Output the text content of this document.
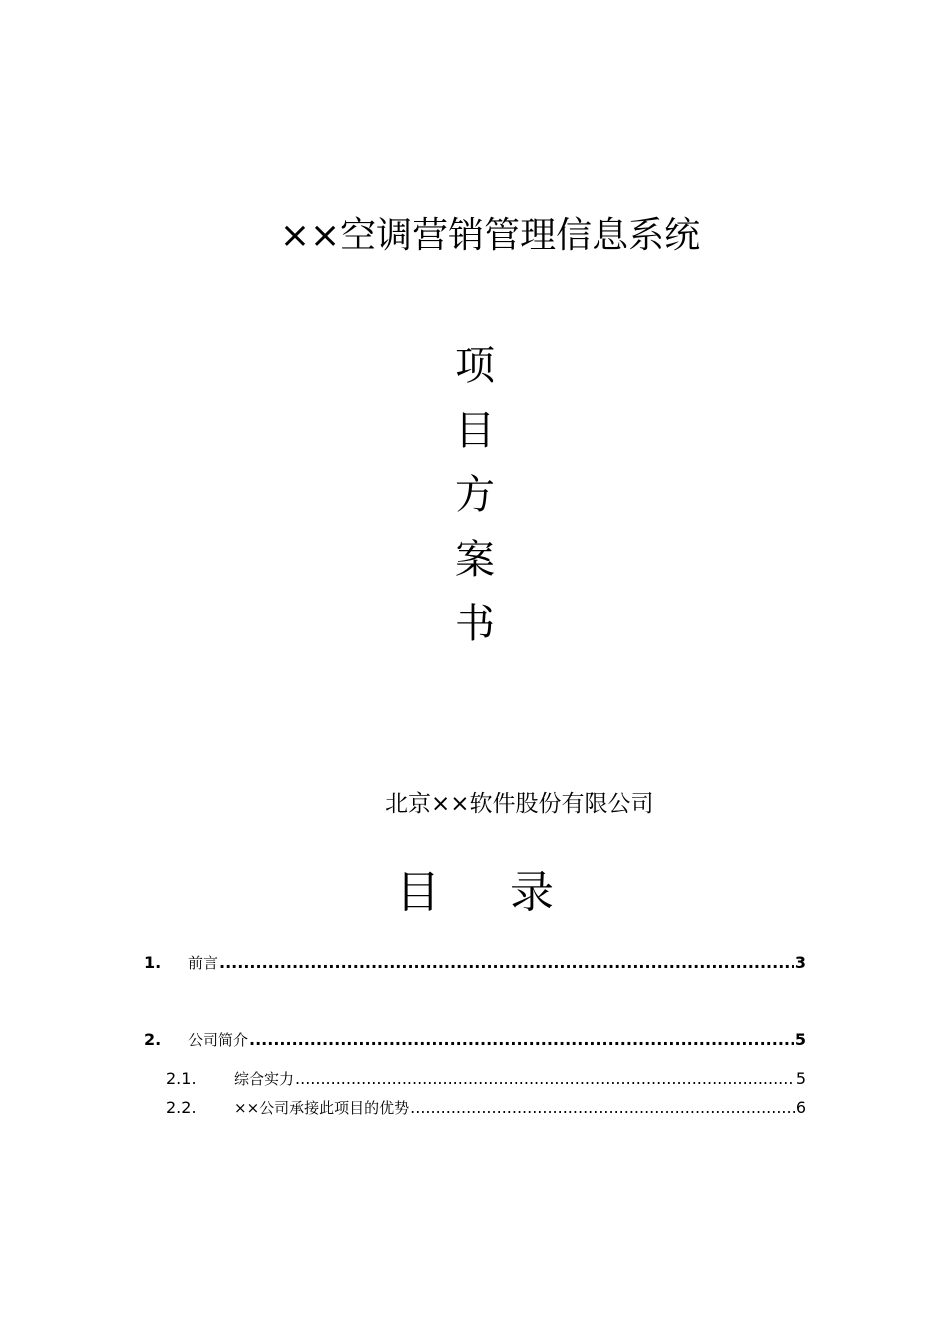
××空调营销管理信息系统
项
目
方
案
书
北京××软件股份有限公司
目 录
1.	前言 .....	3
2.	公司简介 .....	5
2.1.	综合实力 .....	5
2.2.	××公司承接此项目的优势 .....	6
